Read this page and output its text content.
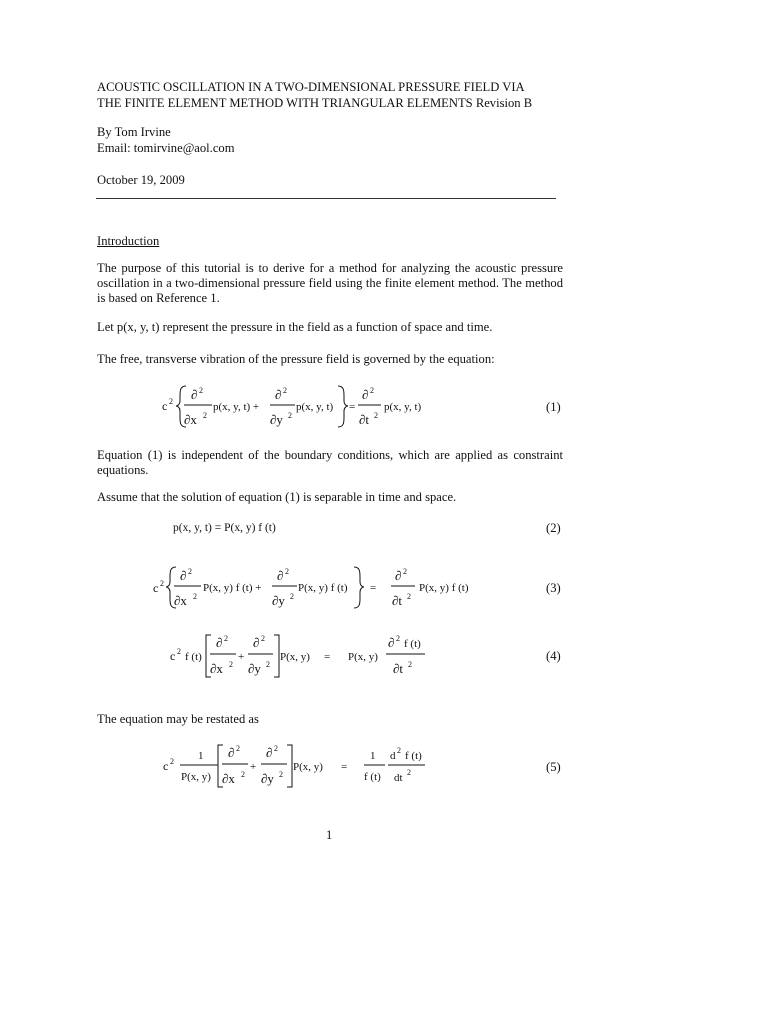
ACOUSTIC OSCILLATION IN A TWO-DIMENSIONAL PRESSURE FIELD VIA
THE FINITE ELEMENT METHOD WITH TRIANGULAR ELEMENTS Revision B
By Tom Irvine
Email: tomirvine@aol.com
October 19, 2009
Introduction
The purpose of this tutorial is to derive for a method for analyzing the acoustic pressure oscillation in a two-dimensional pressure field using the finite element method. The method is based on Reference 1.
Let p(x, y, t) represent the pressure in the field as a function of space and time.
The free, transverse vibration of the pressure field is governed by the equation:
c 2 ∂ 2
∂x 2
p(x, y, t) +
∂ 2
∂y 2
p(x, y, t) =
∂ 2
∂t 2
p(x, y, t)	(1)
Equation (1) is independent of the boundary conditions, which are applied as constraint equations.
Assume that the solution of equation (1) is separable in time and space.
p(x, y, t) = P(x, y) f (t)	(2)
c 2
∂ 2
∂x 2
P(x, y) f (t) +
∂ 2
∂y 2
P(x, y) f (t) =
∂ 2
∂t 2
P(x, y) f (t)	(3)
c 2 f (t)
∂ 2
∂x 2
+
∂ 2
∂y 2
P(x, y) = P(x, y)
∂ 2 f (t)
∂t 2
(4)
The equation may be restated as
c 2 1
P(x, y)
∂ 2
∂x 2
+
∂ 2
∂y 2
P(x, y) =
1
f (t)
d 2 f (t)
dt 2	(5)
1
